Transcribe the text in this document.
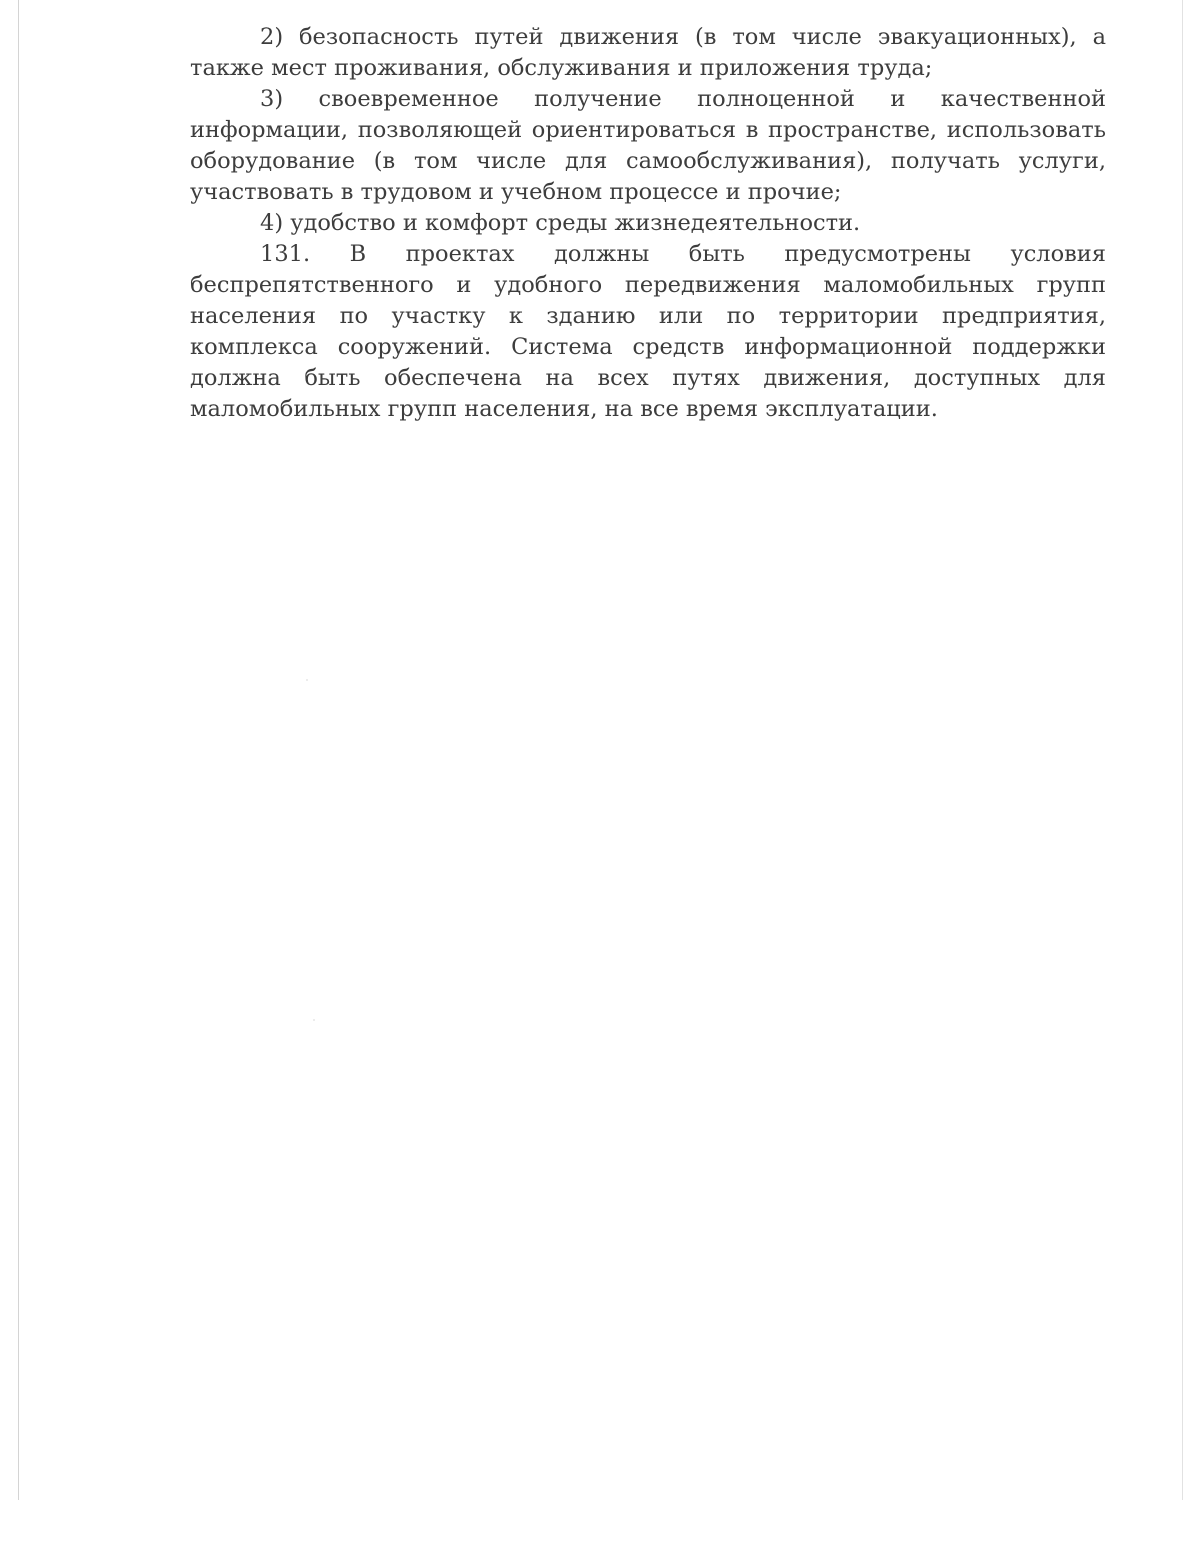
2) безопасность путей движения (в том числе эвакуационных), а также мест проживания, обслуживания и приложения труда;

3) своевременное получение полноценной и качественной информации, позволяющей ориентироваться в пространстве, использовать оборудование (в том числе для самообслуживания), получать услуги, участвовать в трудовом и учебном процессе и прочие;

4) удобство и комфорт среды жизнедеятельности.

131. В проектах должны быть предусмотрены условия беспрепятственного и удобного передвижения маломобильных групп населения по участку к зданию или по территории предприятия, комплекса сооружений. Система средств информационной поддержки должна быть обеспечена на всех путях движения, доступных для маломобильных групп населения, на все время эксплуатации.
